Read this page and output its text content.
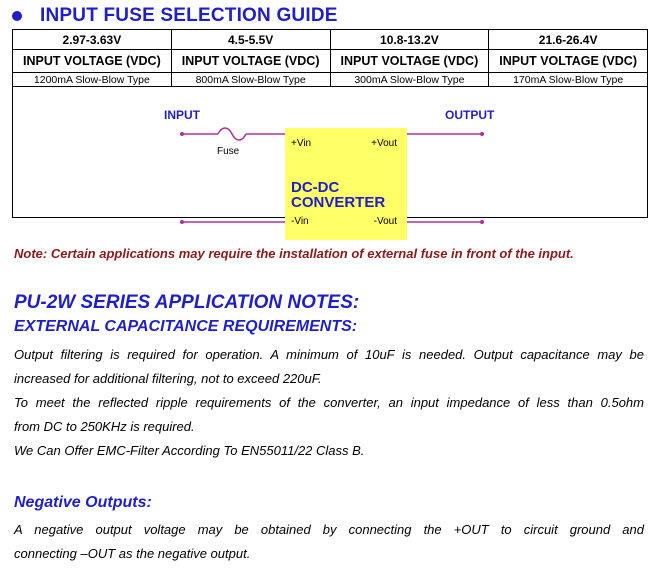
INPUT FUSE SELECTION GUIDE
2.97-3.63V	4.5-5.5V	10.8-13.2V	21.6-26.4V
INPUT VOLTAGE (VDC)	INPUT VOLTAGE (VDC)	INPUT VOLTAGE (VDC)	INPUT VOLTAGE (VDC)
1200mA Slow-Blow Type	800mA Slow-Blow Type	300mA Slow-Blow Type	170mA Slow-Blow Type

INPUT	OUTPUT
Fuse
+Vin	+Vout
DC-DC
CONVERTER
-Vin	-Vout
Note: Certain applications may require the installation of external fuse in front of the input.
PU-2W SERIES APPLICATION NOTES:
EXTERNAL CAPACITANCE REQUIREMENTS:
Output filtering is required for operation. A minimum of 10uF is needed. Output capacitance may be
increased for additional filtering, not to exceed 220uF.
To meet the reflected ripple requirements of the converter, an input impedance of less than 0.5ohm
from DC to 250KHz is required.
We Can Offer EMC-Filter According To EN55011/22 Class B.
Negative Outputs:
A negative output voltage may be obtained by connecting the +OUT to circuit ground and
connecting –OUT as the negative output.
